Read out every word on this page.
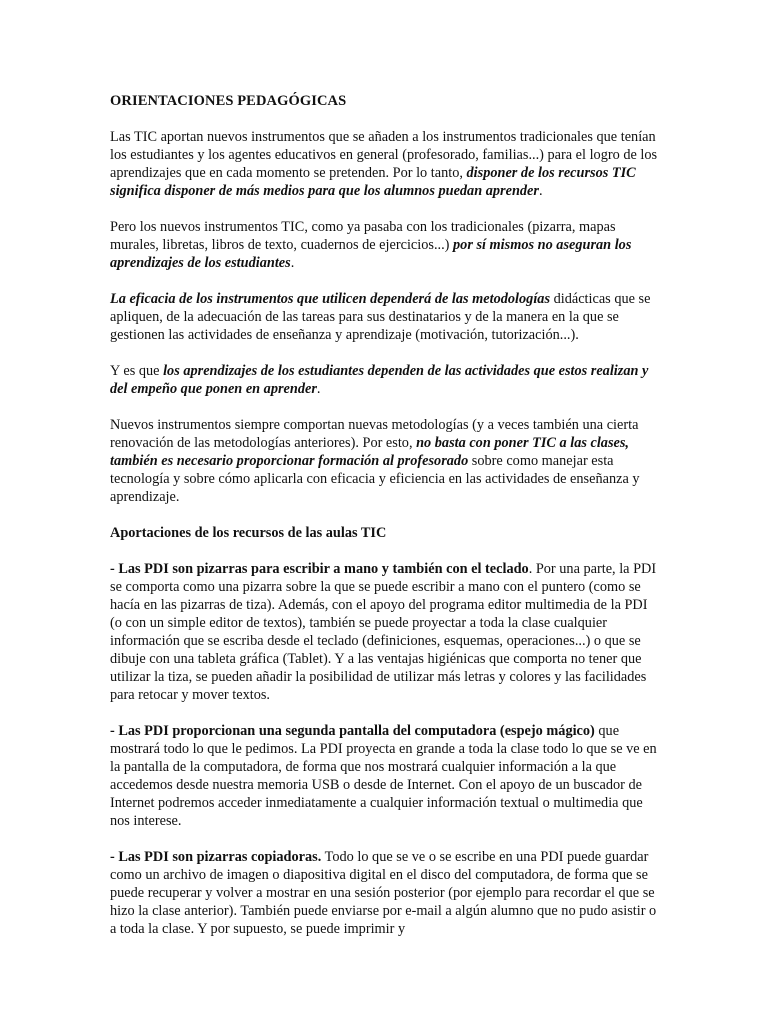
ORIENTACIONES PEDAGÓGICAS

Las TIC aportan nuevos instrumentos que se añaden a los instrumentos tradicionales que tenían los estudiantes y los agentes educativos en general (profesorado, familias...) para el logro de los aprendizajes que en cada momento se pretenden. Por lo tanto, disponer de los recursos TIC significa disponer de más medios para que los alumnos puedan aprender.

Pero los nuevos instrumentos TIC, como ya pasaba con los tradicionales (pizarra, mapas murales, libretas, libros de texto, cuadernos de ejercicios...) por sí mismos no aseguran los aprendizajes de los estudiantes.

La eficacia de los instrumentos que utilicen dependerá de las metodologías didácticas que se apliquen, de la adecuación de las tareas para sus destinatarios y de la manera en la que se gestionen las actividades de enseñanza y aprendizaje (motivación, tutorización...).

Y es que los aprendizajes de los estudiantes dependen de las actividades que estos realizan y del empeño que ponen en aprender.

Nuevos instrumentos siempre comportan nuevas metodologías (y a veces también una cierta renovación de las metodologías anteriores). Por esto, no basta con poner TIC a las clases, también es necesario proporcionar formación al profesorado sobre como manejar esta tecnología y sobre cómo aplicarla con eficacia y eficiencia en las actividades de enseñanza y aprendizaje.

Aportaciones de los recursos de las aulas TIC

- Las PDI son pizarras para escribir a mano y también con el teclado. Por una parte, la PDI se comporta como una pizarra sobre la que se puede escribir a mano con el puntero (como se hacía en las pizarras de tiza). Además, con el apoyo del programa editor multimedia de la PDI (o con un simple editor de textos), también se puede proyectar a toda la clase cualquier información que se escriba desde el teclado (definiciones, esquemas, operaciones...) o que se dibuje con una tableta gráfica (Tablet). Y a las ventajas higiénicas que comporta no tener que utilizar la tiza, se pueden añadir la posibilidad de utilizar más letras y colores y las facilidades para retocar y mover textos.

- Las PDI proporcionan una segunda pantalla del computadora (espejo mágico) que mostrará todo lo que le pedimos. La PDI proyecta en grande a toda la clase todo lo que se ve en la pantalla de la computadora, de forma que nos mostrará cualquier información a la que accedemos desde nuestra memoria USB o desde de Internet. Con el apoyo de un buscador de Internet podremos acceder inmediatamente a cualquier información textual o multimedia que nos interese.

- Las PDI son pizarras copiadoras. Todo lo que se ve o se escribe en una PDI puede guardar como un archivo de imagen o diapositiva digital en el disco del computadora, de forma que se puede recuperar y volver a mostrar en una sesión posterior (por ejemplo para recordar el que se hizo la clase anterior). También puede enviarse por e-mail a algún alumno que no pudo asistir o a toda la clase. Y por supuesto, se puede imprimir y
